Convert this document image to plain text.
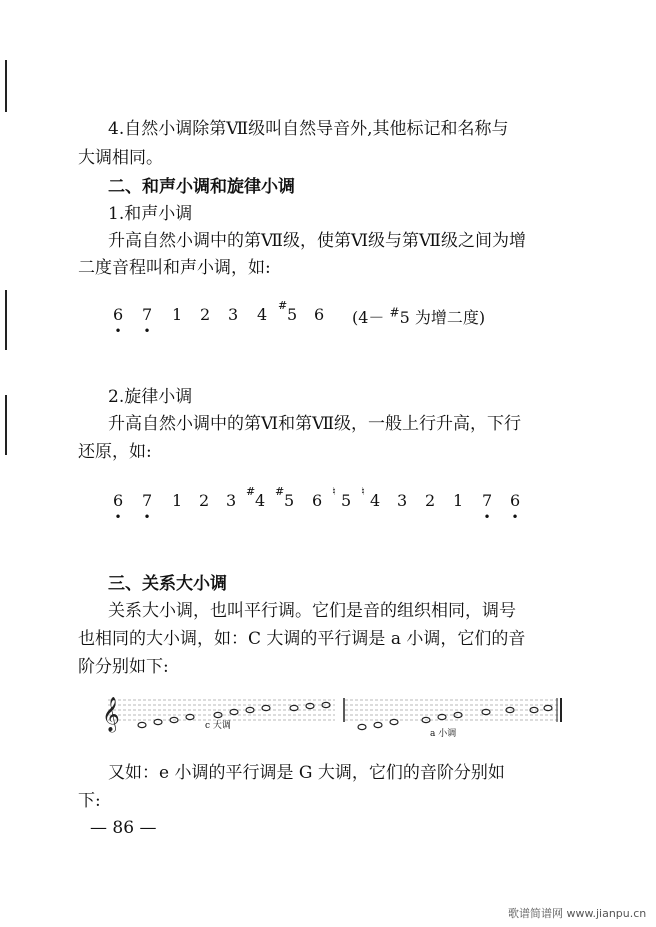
4.自然小调除第Ⅶ级叫自然导音外,其他标记和名称与
大调相同。
二、和声小调和旋律小调
1.和声小调
升高自然小调中的第Ⅶ级，使第Ⅵ级与第Ⅶ级之间为增
二度音程叫和声小调，如:
6
•
7
•
1 2 3 4 # 5 6 (4－ #5 为增二度)
2.旋律小调
升高自然小调中的第Ⅵ和第Ⅶ级，一般上行升高，下行
还原，如:
6
•
7
•
1 2 3 # 4 # 5 6 ♮ 5 ♮ 4 3 2 1 7
•
6
•
三、关系大小调
关系大小调，也叫平行调。它们是音的组织相同，调号
也相同的大小调，如：C 大调的平行调是 a 小调，它们的音
阶分别如下:
𝄞	c 大调
a 小调
又如：e 小调的平行调是 G 大调，它们的音阶分别如
下:
— 86 —
歌谱简谱网 www.jianpu.cn
